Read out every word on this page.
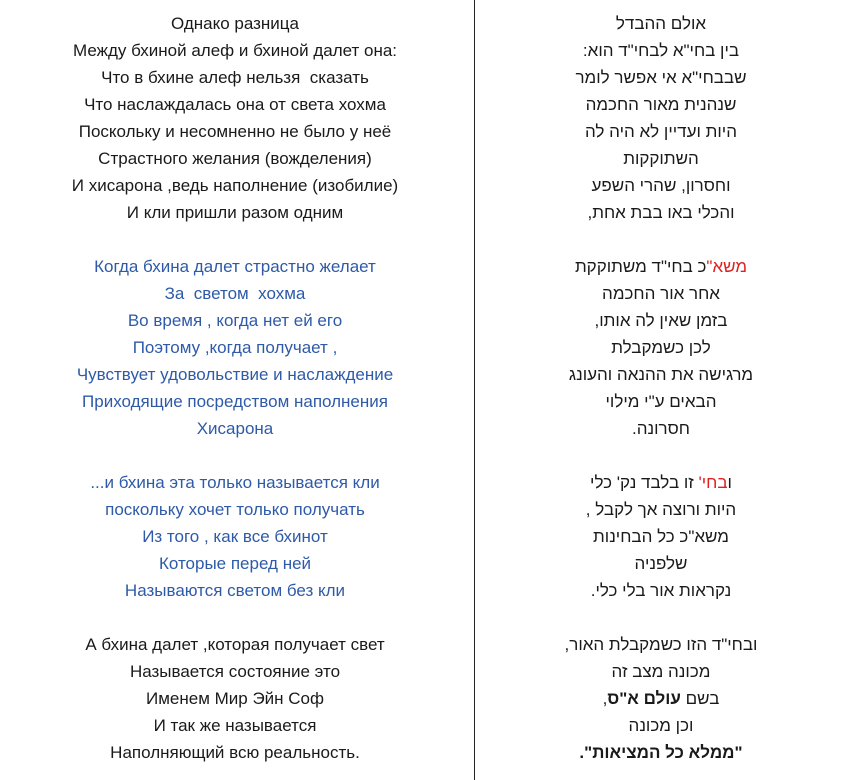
Однако разница
Между бхиной алеф и бхиной далет она:
Что в бхине алеф нельзя  сказать
Что наслаждалась она от света хохма
Поскольку и несомненно не было у неё
Страстного желания (вожделения)
И хисарона ,ведь наполнение (изобилие)
И кли пришли разом одним
Когда бхина далет страстно желает
За  светом  хохма
Во время , когда нет ей его
Поэтому ,когда получает ,
Чувствует удовольствие и наслаждение
Приходящие посредством наполнения
Хисарона
...и бхина эта только называется кли
поскольку хочет только получать
Из того , как все бхинот
Которые перед ней
Называются светом без кли
А бхина далет ,которая получает свет
Называется состояние это
Именем Мир Эйн Соф
И так же называется
Наполняющий всю реальность.
אולם ההבדל
בין בחי"א לבחי"ד הוא:
שבבחי"א אי אפשר לומר
שנהנית מאור החכמה
היות ועדיין לא היה לה
השתוקקות
וחסרון, שהרי השפע
והכלי באו בבת אחת,
משא"כ בחי"ד משתוקקת
אחר אור החכמה
בזמן שאין לה אותו,
לכן כשמקבלת
מרגישה את ההנאה והעונג
הבאים ע"י מילוי
חסרונה.
ובחי' זו בלבד נק' כלי
היות ורוצה אך לקבל ,
משא"כ כל הבחינות
שלפניה
נקראות אור בלי כלי.
ובחי"ד הזו כשמקבלת האור,
מכונה מצב זה
בשם עולם א"ס,
וכן מכונה
"ממלא כל המציאות".
